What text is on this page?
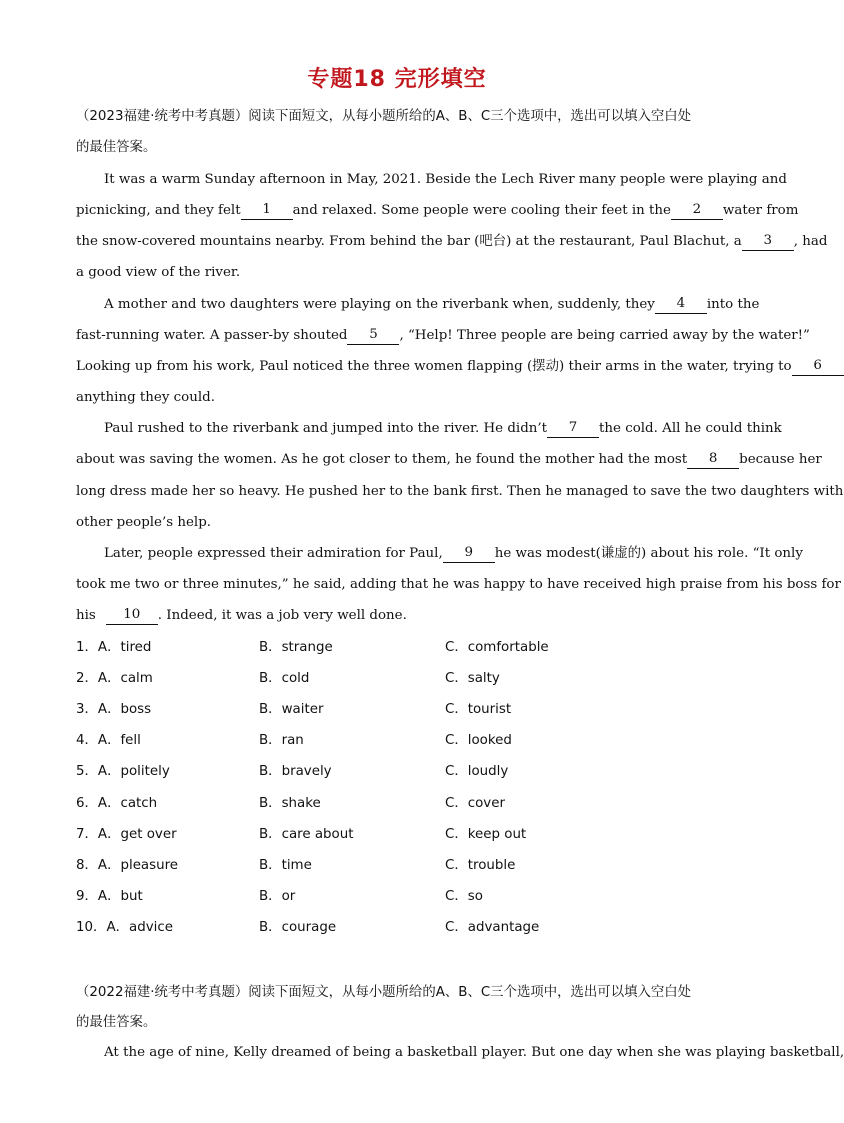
专题18 完形填空
（2023福建·统考中考真题）阅读下面短文，从每小题所给的A、B、C三个选项中，选出可以填入空白处
的最佳答案。
It was a warm Sunday afternoon in May, 2021. Beside the Lech River many people were playing and
picnicking, and they felt	1	and relaxed. Some people were cooling their feet in the	2	water from
the snow-covered mountains nearby. From behind the bar (吧台) at the restaurant, Paul Blachut, a	3	, had
a good view of the river.
A mother and two daughters were playing on the riverbank when, suddenly, they	4	into the
fast-running water. A passer-by shouted	5	, “Help! Three people are being carried away by the water!”
Looking up from his work, Paul noticed the three women flapping (摆动) their arms in the water, trying to	6
anything they could.
Paul rushed to the riverbank and jumped into the river. He didn’t	7	the cold. All he could think
about was saving the women. As he got closer to them, he found the mother had the most	8	because her
long dress made her so heavy. He pushed her to the bank first. Then he managed to save the two daughters with
other people’s help.
Later, people expressed their admiration for Paul,	9	he was modest(谦虚的) about his role. “It only
took me two or three minutes,” he said, adding that he was happy to have received high praise from his boss for
his	10	. Indeed, it was a job very well done.
1．A．tired	B．strange	C．comfortable
2．A．calm	B．cold	C．salty
3．A．boss	B．waiter	C．tourist
4．A．fell	B．ran	C．looked
5．A．politely	B．bravely	C．loudly
6．A．catch	B．shake	C．cover
7．A．get over	B．care about	C．keep out
8．A．pleasure	B．time	C．trouble
9．A．but	B．or	C．so
10．A．advice	B．courage	C．advantage
（2022福建·统考中考真题）阅读下面短文，从每小题所给的A、B、C三个选项中，选出可以填入空白处
的最佳答案。
At the age of nine, Kelly dreamed of being a basketball player. But one day when she was playing basketball,
